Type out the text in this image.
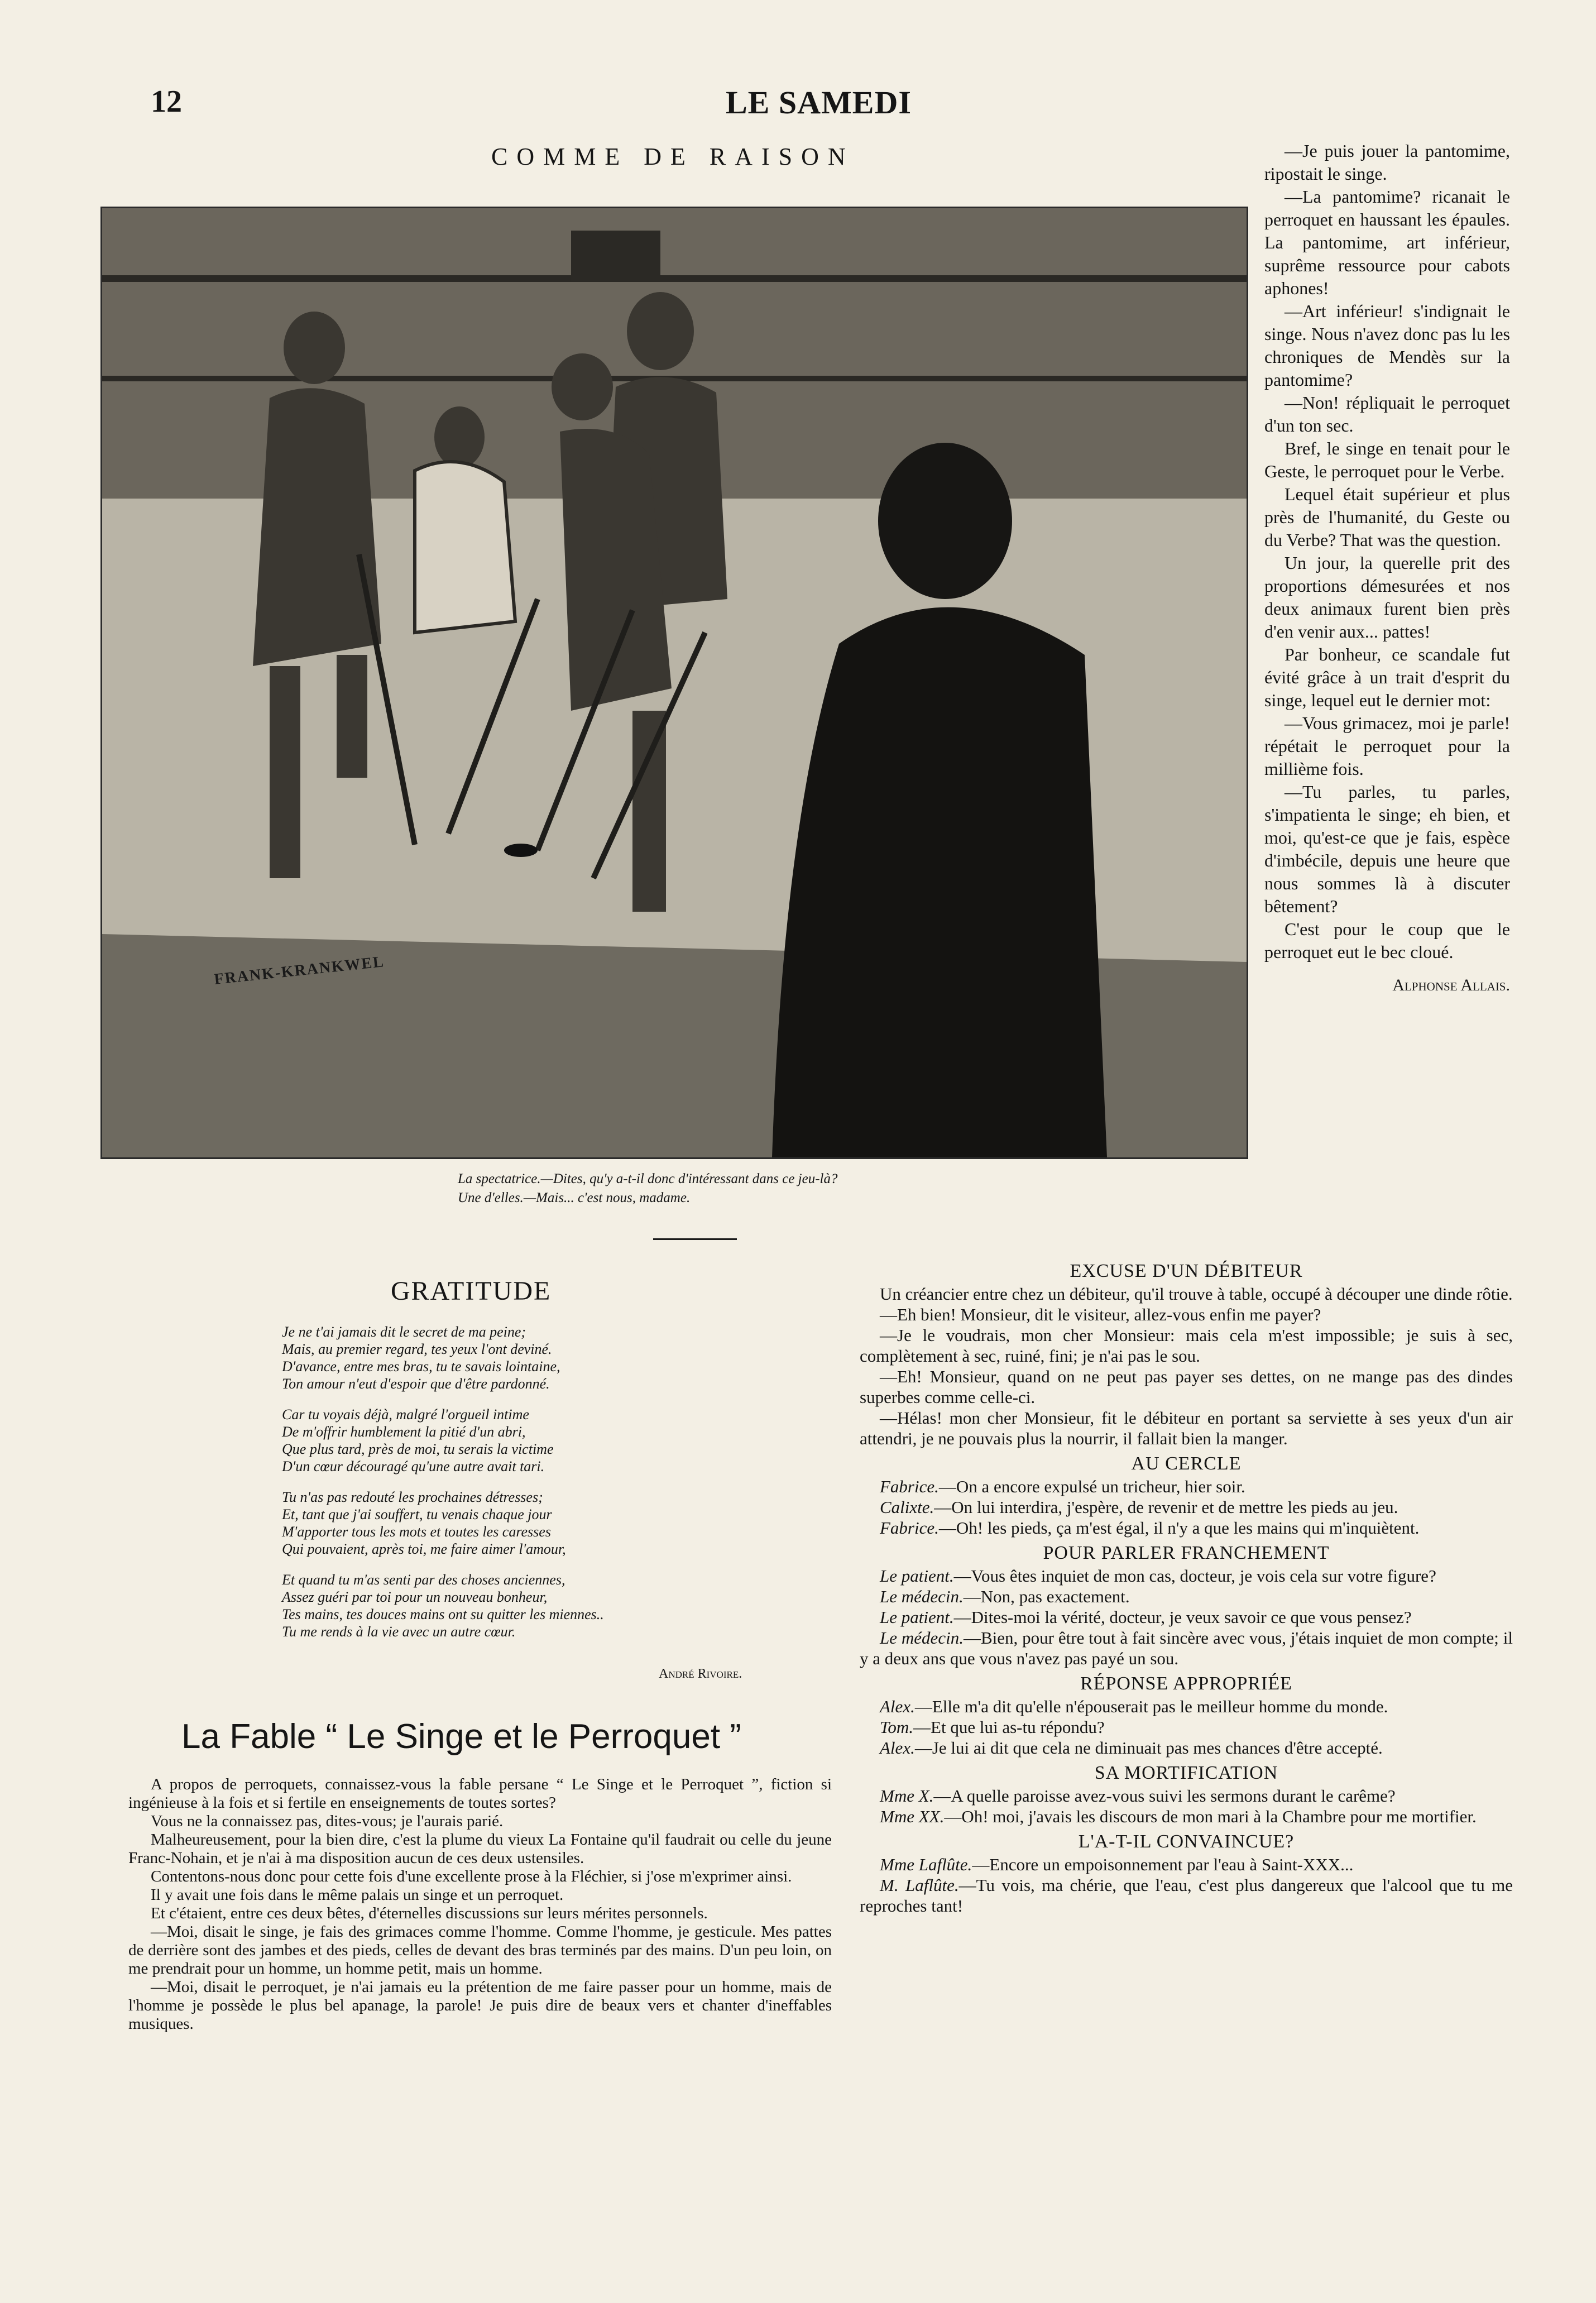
12	LE SAMEDI
COMME DE RAISON
FRANK-KRANKWEL
La spectatrice.—Dites, qu'y a-t-il donc d'intéressant dans ce jeu-là?
Une d'elles.—Mais... c'est nous, madame.

—Je puis jouer la pantomime, ripostait le singe.

—La pantomime? ricanait le perroquet en haussant les épaules. La pantomime, art inférieur, suprême ressource pour cabots aphones!

—Art inférieur! s'indignait le singe. Nous n'avez donc pas lu les chroniques de Mendès sur la pantomime?

—Non! répliquait le perroquet d'un ton sec.

Bref, le singe en tenait pour le Geste, le perroquet pour le Verbe.

Lequel était supérieur et plus près de l'humanité, du Geste ou du Verbe? That was the question.

Un jour, la querelle prit des proportions démesurées et nos deux animaux furent bien près d'en venir aux... pattes!

Par bonheur, ce scandale fut évité grâce à un trait d'esprit du singe, lequel eut le dernier mot:

—Vous grimacez, moi je parle! répétait le perroquet pour la millième fois.

—Tu parles, tu parles, s'impatienta le singe; eh bien, et moi, qu'est-ce que je fais, espèce d'imbécile, depuis une heure que nous sommes là à discuter bêtement?

C'est pour le coup que le perroquet eut le bec cloué.

Alphonse Allais.

GRATITUDE
Je ne t'ai jamais dit le secret de ma peine;
Mais, au premier regard, tes yeux l'ont deviné.
D'avance, entre mes bras, tu te savais lointaine,
Ton amour n'eut d'espoir que d'être pardonné.
Car tu voyais déjà, malgré l'orgueil intime
De m'offrir humblement la pitié d'un abri,
Que plus tard, près de moi, tu serais la victime
D'un cœur découragé qu'une autre avait tari.
Tu n'as pas redouté les prochaines détresses;
Et, tant que j'ai souffert, tu venais chaque jour
M'apporter tous les mots et toutes les caresses
Qui pouvaient, après toi, me faire aimer l'amour,
Et quand tu m'as senti par des choses anciennes,
Assez guéri par toi pour un nouveau bonheur,
Tes mains, tes douces mains ont su quitter les miennes..
Tu me rends à la vie avec un autre cœur.
André Rivoire.
La Fable “ Le Singe et le Perroquet ”

A propos de perroquets, connaissez-vous la fable persane “ Le Singe et le Perroquet ”, fiction si ingénieuse à la fois et si fertile en enseignements de toutes sortes?

Vous ne la connaissez pas, dites-vous; je l'aurais parié.

Malheureusement, pour la bien dire, c'est la plume du vieux La Fontaine qu'il faudrait ou celle du jeune Franc-Nohain, et je n'ai à ma disposition aucun de ces deux ustensiles.

Contentons-nous donc pour cette fois d'une excellente prose à la Fléchier, si j'ose m'exprimer ainsi.

Il y avait une fois dans le même palais un singe et un perroquet.

Et c'étaient, entre ces deux bêtes, d'éternelles discussions sur leurs mérites personnels.

—Moi, disait le singe, je fais des grimaces comme l'homme. Comme l'homme, je gesticule. Mes pattes de derrière sont des jambes et des pieds, celles de devant des bras terminés par des mains. D'un peu loin, on me prendrait pour un homme, un homme petit, mais un homme.

—Moi, disait le perroquet, je n'ai jamais eu la prétention de me faire passer pour un homme, mais de l'homme je possède le plus bel apanage, la parole! Je puis dire de beaux vers et chanter d'ineffables musiques.

EXCUSE D'UN DÉBITEUR

Un créancier entre chez un débiteur, qu'il trouve à table, occupé à découper une dinde rôtie.

—Eh bien! Monsieur, dit le visiteur, allez-vous enfin me payer?

—Je le voudrais, mon cher Monsieur: mais cela m'est impossible; je suis à sec, complètement à sec, ruiné, fini; je n'ai pas le sou.

—Eh! Monsieur, quand on ne peut pas payer ses dettes, on ne mange pas des dindes superbes comme celle-ci.

—Hélas! mon cher Monsieur, fit le débiteur en portant sa serviette à ses yeux d'un air attendri, je ne pouvais plus la nourrir, il fallait bien la manger.

AU CERCLE

Fabrice.—On a encore expulsé un tricheur, hier soir.

Calixte.—On lui interdira, j'espère, de revenir et de mettre les pieds au jeu.

Fabrice.—Oh! les pieds, ça m'est égal, il n'y a que les mains qui m'inquiètent.

POUR PARLER FRANCHEMENT

Le patient.—Vous êtes inquiet de mon cas, docteur, je vois cela sur votre figure?

Le médecin.—Non, pas exactement.

Le patient.—Dites-moi la vérité, docteur, je veux savoir ce que vous pensez?

Le médecin.—Bien, pour être tout à fait sincère avec vous, j'étais inquiet de mon compte; il y a deux ans que vous n'avez pas payé un sou.

RÉPONSE APPROPRIÉE

Alex.—Elle m'a dit qu'elle n'épouserait pas le meilleur homme du monde.

Tom.—Et que lui as-tu répondu?

Alex.—Je lui ai dit que cela ne diminuait pas mes chances d'être accepté.

SA MORTIFICATION

Mme X.—A quelle paroisse avez-vous suivi les sermons durant le carême?

Mme XX.—Oh! moi, j'avais les discours de mon mari à la Chambre pour me mortifier.

L'A-T-IL CONVAINCUE?

Mme Laflûte.—Encore un empoisonnement par l'eau à Saint-XXX...

M. Laflûte.—Tu vois, ma chérie, que l'eau, c'est plus dangereux que l'alcool que tu me reproches tant!
